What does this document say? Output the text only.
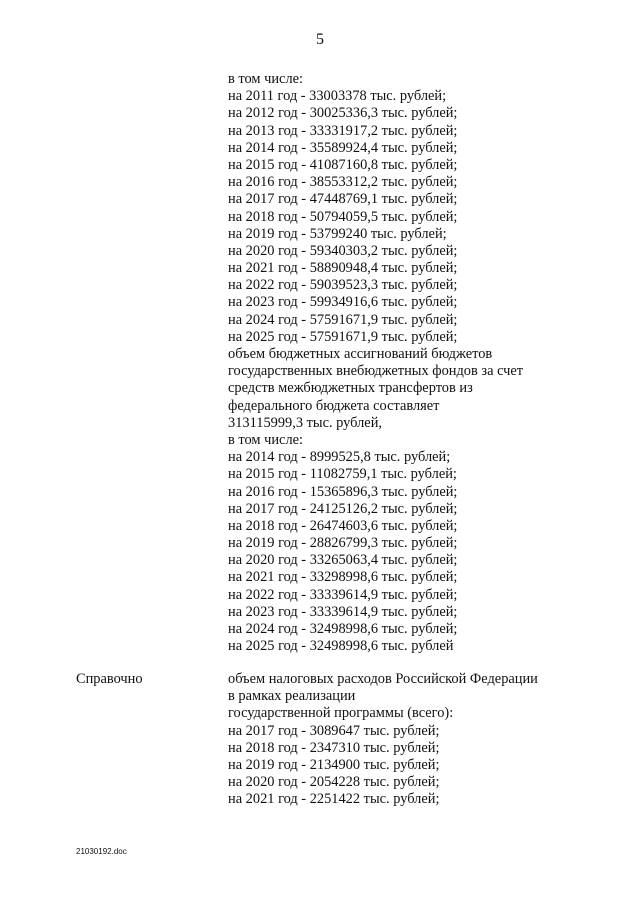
5
в том числе:
на 2011 год - 33003378 тыс. рублей;
на 2012 год - 30025336,3 тыс. рублей;
на 2013 год - 33331917,2 тыс. рублей;
на 2014 год - 35589924,4 тыс. рублей;
на 2015 год - 41087160,8 тыс. рублей;
на 2016 год - 38553312,2 тыс. рублей;
на 2017 год - 47448769,1 тыс. рублей;
на 2018 год - 50794059,5 тыс. рублей;
на 2019 год - 53799240 тыс. рублей;
на 2020 год - 59340303,2 тыс. рублей;
на 2021 год - 58890948,4 тыс. рублей;
на 2022 год - 59039523,3 тыс. рублей;
на 2023 год - 59934916,6 тыс. рублей;
на 2024 год - 57591671,9 тыс. рублей;
на 2025 год - 57591671,9 тыс. рублей;
объем бюджетных ассигнований бюджетов
государственных внебюджетных фондов за счет
средств межбюджетных трансфертов из
федерального бюджета составляет
313115999,3 тыс. рублей,
в том числе:
на 2014 год - 8999525,8 тыс. рублей;
на 2015 год - 11082759,1 тыс. рублей;
на 2016 год - 15365896,3 тыс. рублей;
на 2017 год - 24125126,2 тыс. рублей;
на 2018 год - 26474603,6 тыс. рублей;
на 2019 год - 28826799,3 тыс. рублей;
на 2020 год - 33265063,4 тыс. рублей;
на 2021 год - 33298998,6 тыс. рублей;
на 2022 год - 33339614,9 тыс. рублей;
на 2023 год - 33339614,9 тыс. рублей;
на 2024 год - 32498998,6 тыс. рублей;
на 2025 год - 32498998,6 тыс. рублей
Справочно	объем налоговых расходов Российской Федерации
в рамках реализации
государственной программы (всего):
на 2017 год - 3089647 тыс. рублей;
на 2018 год - 2347310 тыс. рублей;
на 2019 год - 2134900 тыс. рублей;
на 2020 год - 2054228 тыс. рублей;
на 2021 год - 2251422 тыс. рублей;
21030192.doc
